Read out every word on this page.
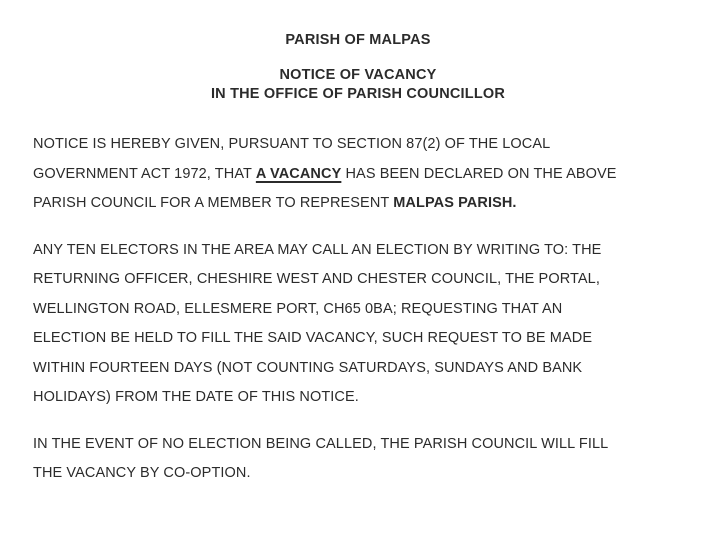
PARISH OF MALPAS
NOTICE OF VACANCY
IN THE OFFICE OF PARISH COUNCILLOR
NOTICE IS HEREBY GIVEN, PURSUANT TO SECTION 87(2) OF THE LOCAL
GOVERNMENT ACT 1972, THAT A VACANCY HAS BEEN DECLARED ON THE ABOVE
PARISH COUNCIL FOR A MEMBER TO REPRESENT MALPAS PARISH.
ANY TEN ELECTORS IN THE AREA MAY CALL AN ELECTION BY WRITING TO: THE
RETURNING OFFICER, CHESHIRE WEST AND CHESTER COUNCIL, THE PORTAL,
WELLINGTON ROAD, ELLESMERE PORT, CH65 0BA; REQUESTING THAT AN
ELECTION BE HELD TO FILL THE SAID VACANCY, SUCH REQUEST TO BE MADE
WITHIN FOURTEEN DAYS (NOT COUNTING SATURDAYS, SUNDAYS AND BANK
HOLIDAYS) FROM THE DATE OF THIS NOTICE.
IN THE EVENT OF NO ELECTION BEING CALLED, THE PARISH COUNCIL WILL FILL
THE VACANCY BY CO-OPTION.
